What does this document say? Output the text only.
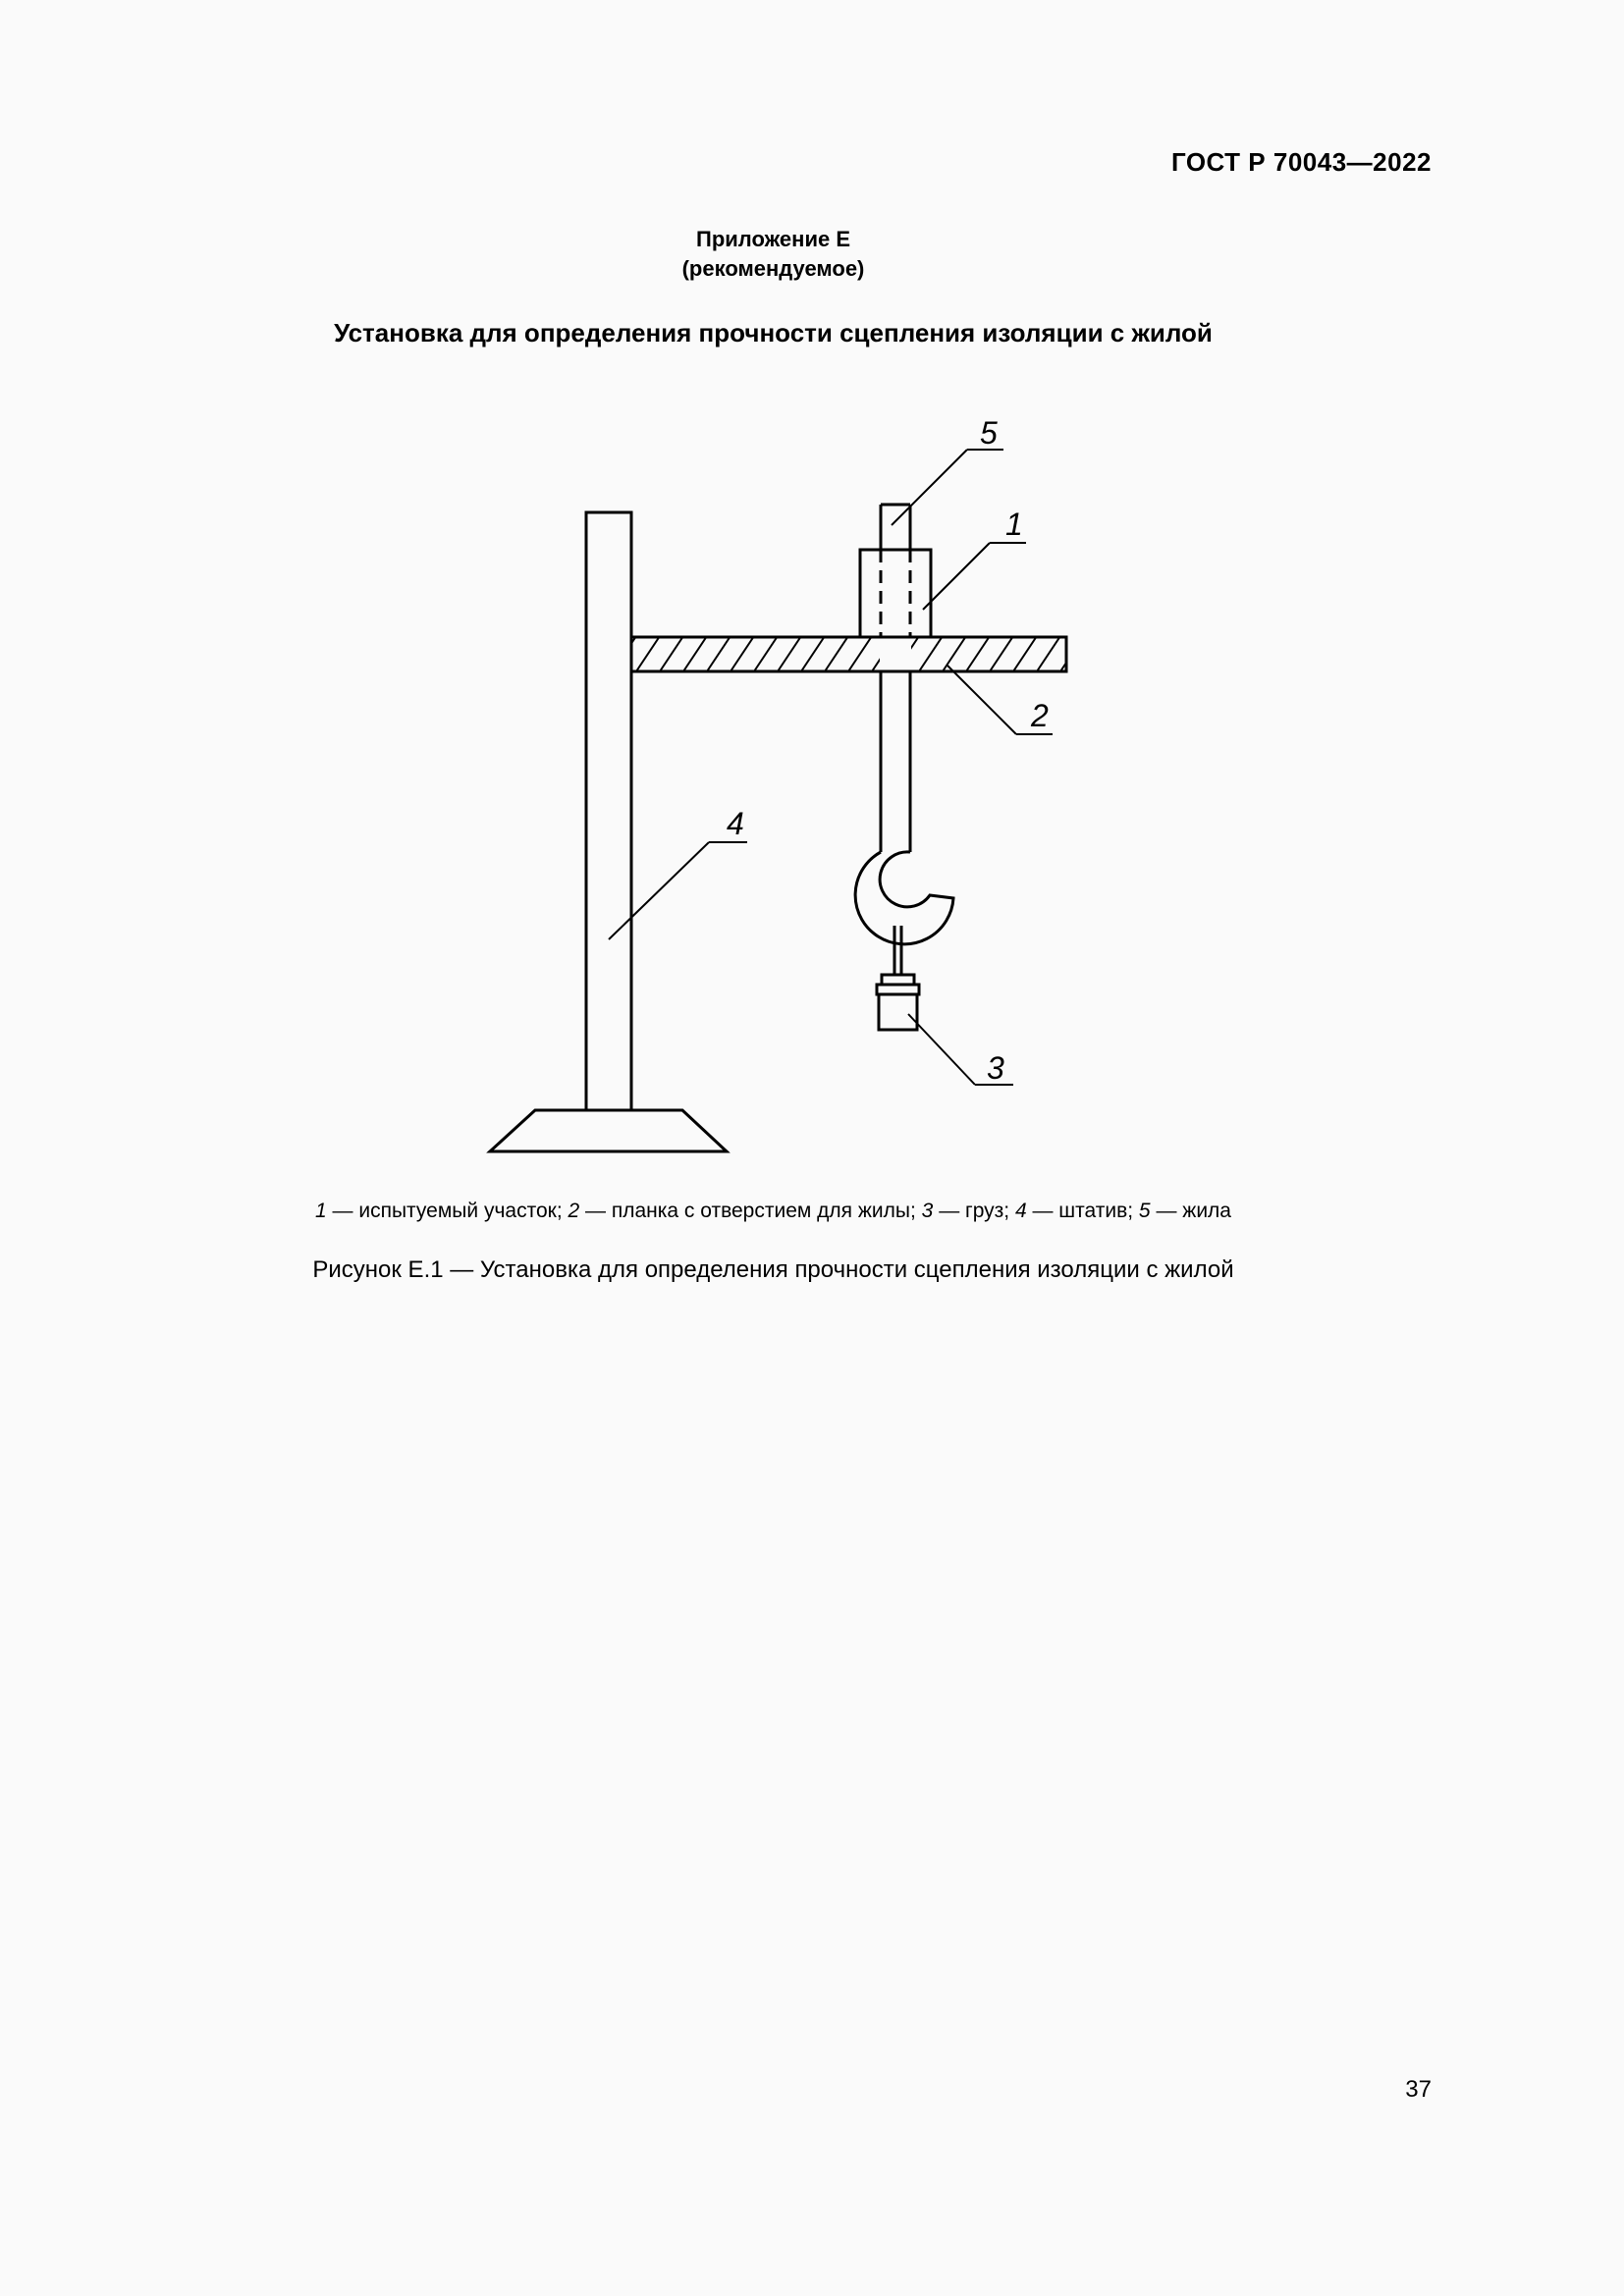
ГОСТ Р 70043—2022
Приложение Е
(рекомендуемое)
Установка для определения прочности сцепления изоляции с жилой
5
1
2
4
3
1 — испытуемый участок; 2 — планка с отверстием для жилы; 3 — груз; 4 — штатив; 5 — жила
Рисунок Е.1 — Установка для определения прочности сцепления изоляции с жилой
37
